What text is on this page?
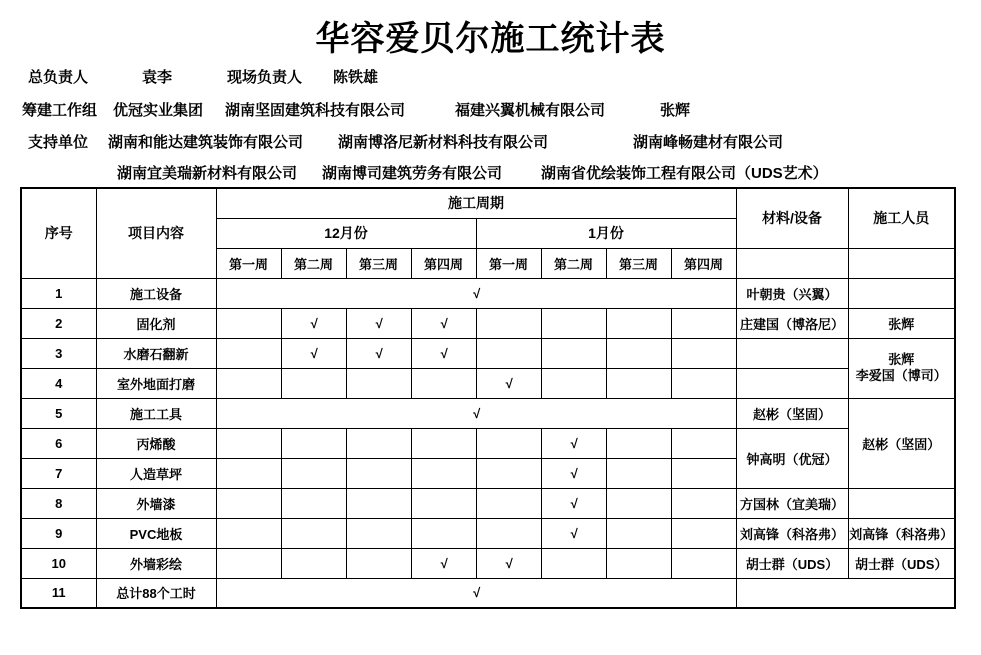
华容爱贝尔施工统计表
总负责人	袁李	现场负责人 陈铁雄
筹建工作组 优冠实业集团 湖南坚固建筑科技有限公司	福建兴翼机械有限公司	张辉
支持单位 湖南和能达建筑装饰有限公司 湖南博洛尼新材料科技有限公司	湖南峰畅建材有限公司
湖南宜美瑞新材料有限公司 湖南博司建筑劳务有限公司	湖南省优绘装饰工程有限公司（UDS艺术）
序号	项目内容	施工周期								材料/设备	施工人员
		12月份				1月份					
		第一周	第二周	第三周	第四周	第一周	第二周	第三周	第四周		
1	施工设备	√								叶朝贵（兴翼）	
2	固化剂		√	√	√					庄建国（博洛尼）	张辉
3	水磨石翻新		√	√	√						张辉
李爱国（博司）

4	室外地面打磨					√					
5	施工工具	√								赵彬（坚固）	赵彬（坚固）
6	丙烯酸						√			钟高明（优冠）	
7	人造草坪						√				
8	外墙漆						√			方国林（宜美瑞）	
9	PVC地板						√			刘高锋（科洛弗）	刘高锋（科洛弗）
10	外墙彩绘				√	√				胡士群（UDS）	胡士群（UDS）
11	总计88个工时	√									
